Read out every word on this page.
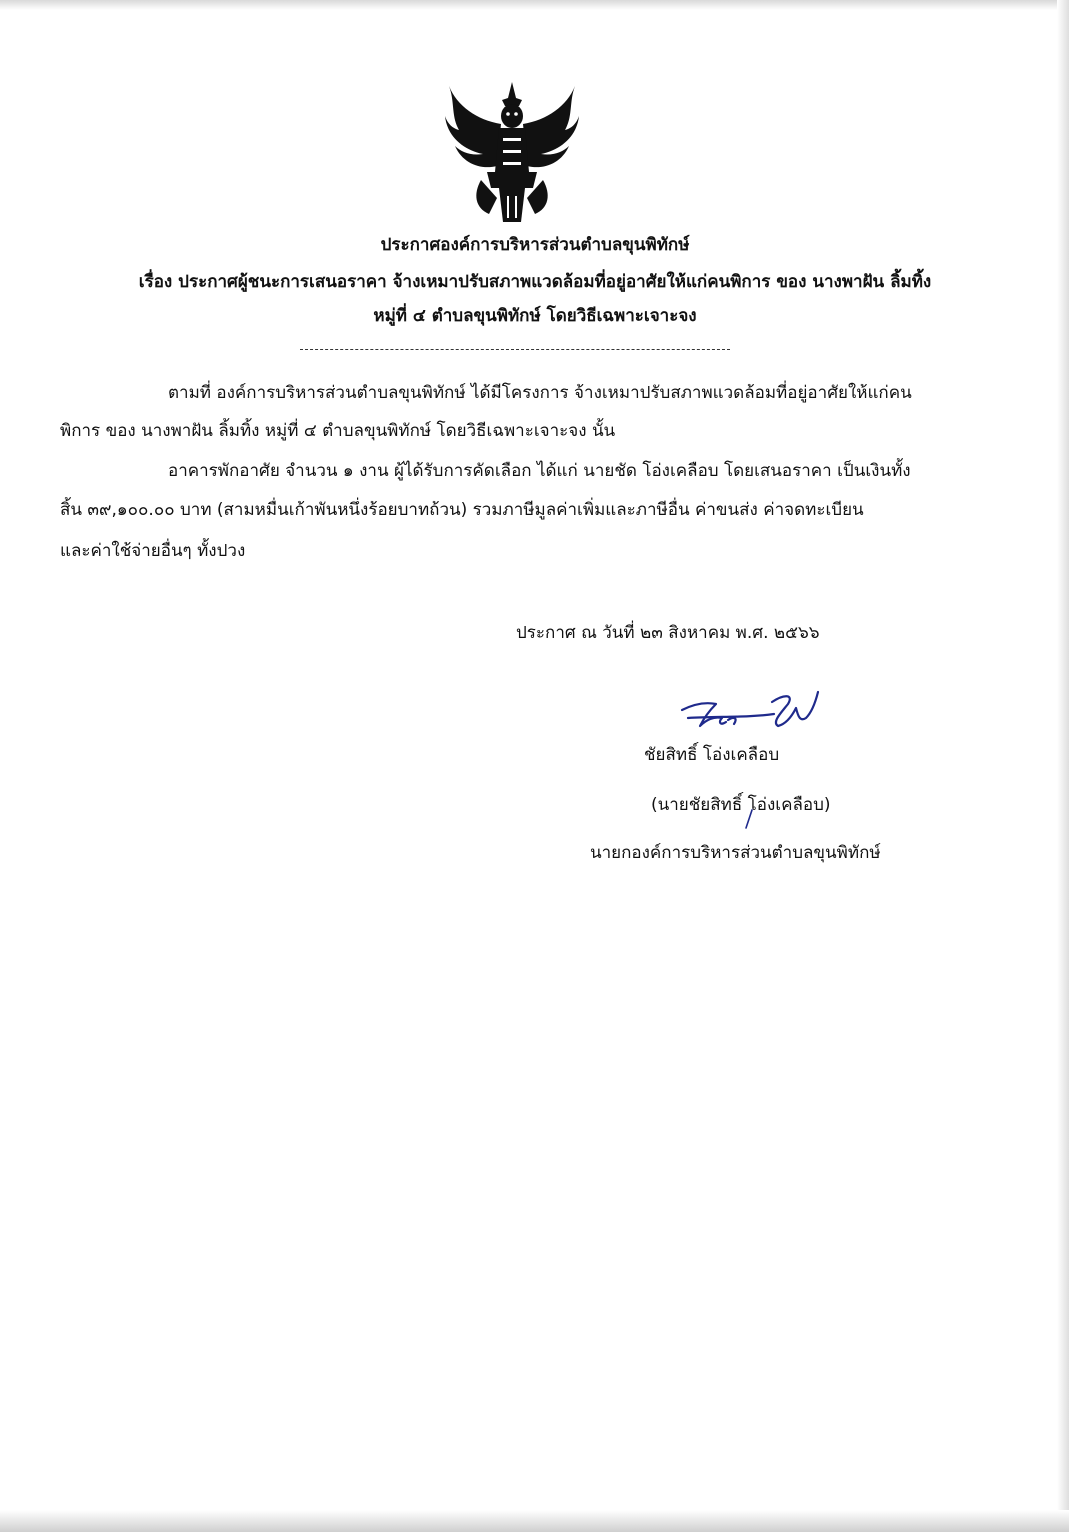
ประกาศองค์การบริหารส่วนตำบลขุนพิทักษ์
เรื่อง ประกาศผู้ชนะการเสนอราคา จ้างเหมาปรับสภาพแวดล้อมที่อยู่อาศัยให้แก่คนพิการ ของ นางพาฝัน ลิ้มทิ้ง
หมู่ที่ ๔ ตำบลขุนพิทักษ์ โดยวิธีเฉพาะเจาะจง
ตามที่ องค์การบริหารส่วนตำบลขุนพิทักษ์ ได้มีโครงการ จ้างเหมาปรับสภาพแวดล้อมที่อยู่อาศัยให้แก่คน
พิการ ของ นางพาฝัน ลิ้มทิ้ง หมู่ที่ ๔ ตำบลขุนพิทักษ์ โดยวิธีเฉพาะเจาะจง นั้น
อาคารพักอาศัย จำนวน ๑ งาน ผู้ได้รับการคัดเลือก ได้แก่ นายชัด โอ่งเคลือบ โดยเสนอราคา เป็นเงินทั้ง
สิ้น ๓๙,๑๐๐.๐๐ บาท (สามหมื่นเก้าพันหนึ่งร้อยบาทถ้วน) รวมภาษีมูลค่าเพิ่มและภาษีอื่น ค่าขนส่ง ค่าจดทะเบียน
และค่าใช้จ่ายอื่นๆ ทั้งปวง
ประกาศ ณ วันที่ ๒๓ สิงหาคม พ.ศ. ๒๕๖๖
ชัยสิทธิ์ โอ่งเคลือบ
(นายชัยสิทธิ์ โอ่งเคลือบ)
นายกองค์การบริหารส่วนตำบลขุนพิทักษ์
